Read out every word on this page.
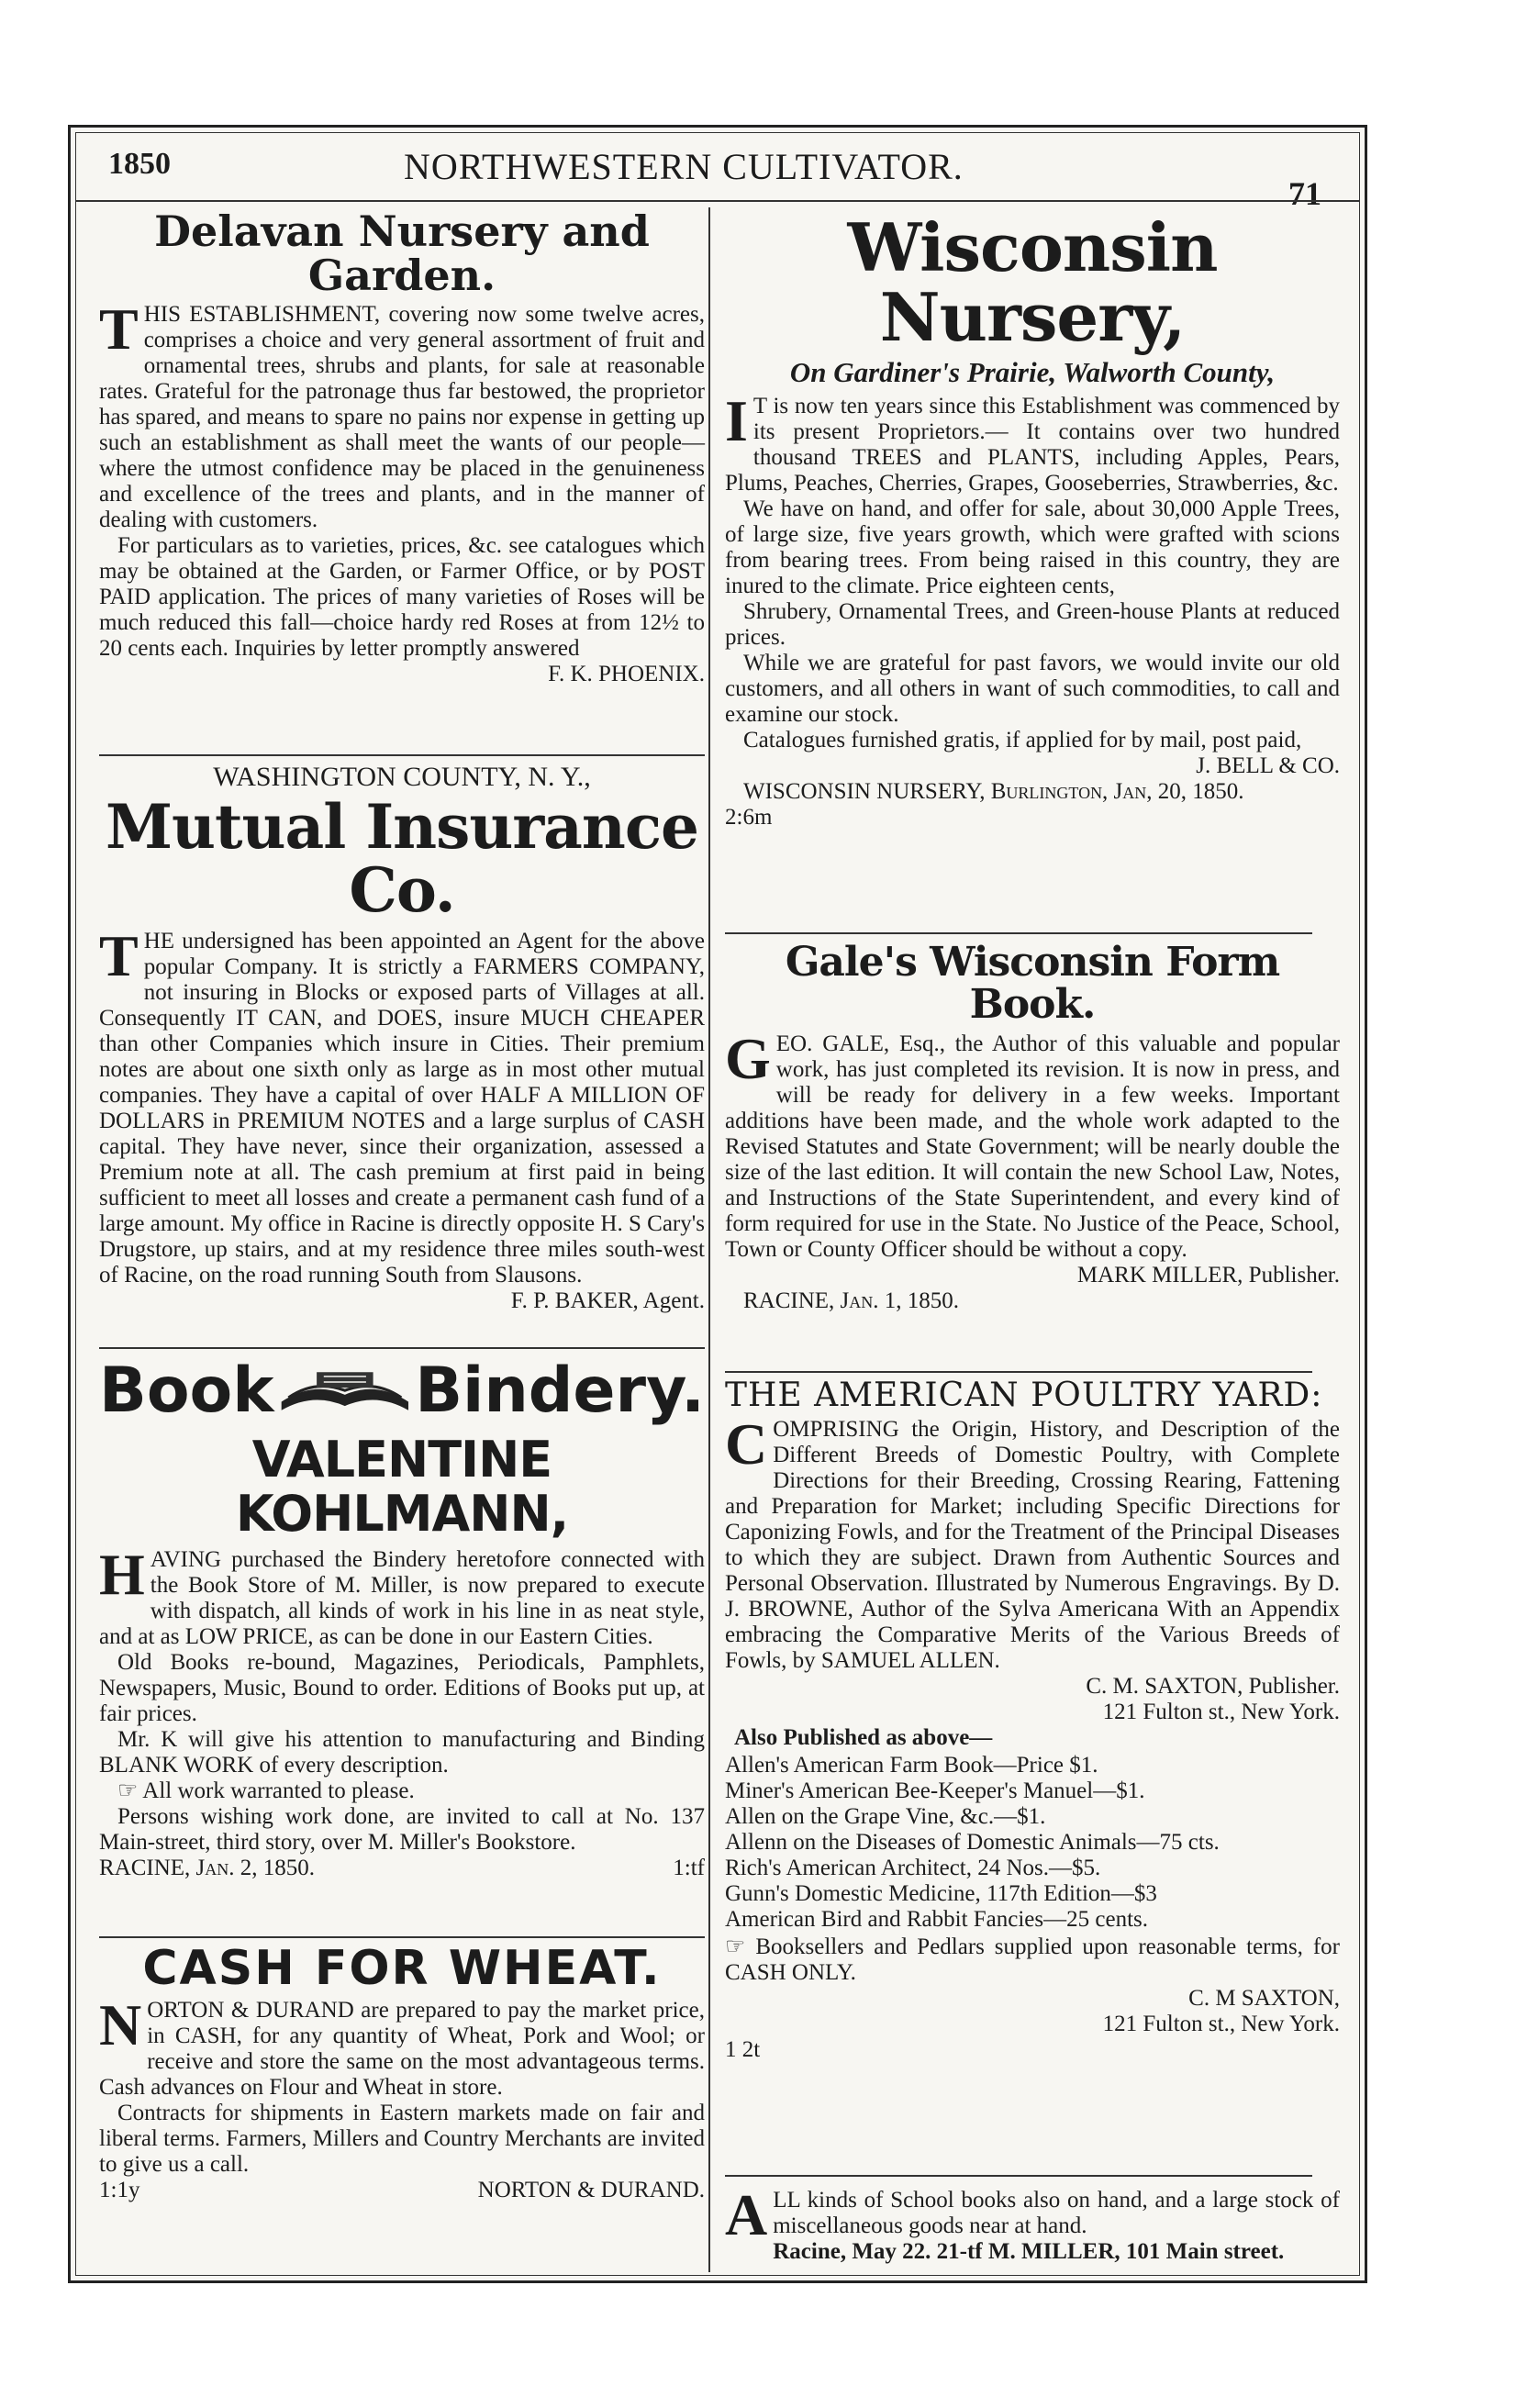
1850	NORTHWESTERN CULTIVATOR.
71
Delavan Nursery and Garden.

THIS ESTABLISHMENT, covering now some twelve acres, comprises a choice and very general assortment of fruit and ornamental trees, shrubs and plants, for sale at reasonable rates. Grateful for the patronage thus far bestowed, the proprietor has spared, and means to spare no pains nor expense in getting up such an establishment as shall meet the wants of our people—where the utmost confidence may be placed in the genuineness and excellence of the trees and plants, and in the manner of dealing with customers.

For particulars as to varieties, prices, &c. see catalogues which may be obtained at the Garden, or Farmer Office, or by POST PAID application. The prices of many varieties of Roses will be much reduced this fall—choice hardy red Roses at from 12½ to 20 cents each. Inquiries by letter promptly answered

F. K. PHOENIX.
WASHINGTON COUNTY, N. Y.,
Mutual Insurance Co.

THE undersigned has been appointed an Agent for the above popular Company. It is strictly a FARMERS COMPANY, not insuring in Blocks or exposed parts of Villages at all. Consequently IT CAN, and DOES, insure MUCH CHEAPER than other Companies which insure in Cities. Their premium notes are about one sixth only as large as in most other mutual companies. They have a capital of over HALF A MILLION OF DOLLARS in PREMIUM NOTES and a large surplus of CASH capital. They have never, since their organization, assessed a Premium note at all. The cash premium at first paid in being sufficient to meet all losses and create a permanent cash fund of a large amount. My office in Racine is directly opposite H. S Cary's Drugstore, up stairs, and at my residence three miles south-west of Racine, on the road running South from Slausons.

F. P. BAKER, Agent.
Book Bindery.
VALENTINE KOHLMANN,

HAVING purchased the Bindery heretofore connected with the Book Store of M. Miller, is now prepared to execute with dispatch, all kinds of work in his line in as neat style, and at as LOW PRICE, as can be done in our Eastern Cities.

Old Books re-bound, Magazines, Periodicals, Pamphlets, Newspapers, Music, Bound to order. Editions of Books put up, at fair prices.

Mr. K will give his attention to manufacturing and Binding BLANK WORK of every description.

☞ All work warranted to please.

Persons wishing work done, are invited to call at No. 137 Main-street, third story, over M. Miller's Bookstore.

RACINE, Jan. 2, 1850.	1:tf
CASH FOR WHEAT.

NORTON & DURAND are prepared to pay the market price, in CASH, for any quantity of Wheat, Pork and Wool; or receive and store the same on the most advantageous terms. Cash advances on Flour and Wheat in store.

Contracts for shipments in Eastern markets made on fair and liberal terms. Farmers, Millers and Country Merchants are invited to give us a call.

1:1y	NORTON & DURAND.
Wisconsin Nursery,
On Gardiner's Prairie, Walworth County,

I T is now ten years since this Establishment was commenced by its present Proprietors.— It contains over two hundred thousand TREES and PLANTS, including Apples, Pears, Plums, Peaches, Cherries, Grapes, Gooseberries, Strawberries, &c.

We have on hand, and offer for sale, about 30,000 Apple Trees, of large size, five years growth, which were grafted with scions from bearing trees. From being raised in this country, they are inured to the climate. Price eighteen cents,

Shrubery, Ornamental Trees, and Green-house Plants at reduced prices.

While we are grateful for past favors, we would invite our old customers, and all others in want of such commodities, to call and examine our stock.

Catalogues furnished gratis, if applied for by mail, post paid,

J. BELL & CO.

WISCONSIN NURSERY, Burlington, Jan, 20, 1850.

2:6m

Gale's Wisconsin Form Book.

GEO. GALE, Esq., the Author of this valuable and popular work, has just completed its revision. It is now in press, and will be ready for delivery in a few weeks. Important additions have been made, and the whole work adapted to the Revised Statutes and State Government; will be nearly double the size of the last edition. It will contain the new School Law, Notes, and Instructions of the State Superintendent, and every kind of form required for use in the State. No Justice of the Peace, School, Town or County Officer should be without a copy.

MARK MILLER, Publisher.

RACINE, Jan. 1, 1850.

THE AMERICAN POULTRY YARD:

COMPRISING the Origin, History, and Description of the Different Breeds of Domestic Poultry, with Complete Directions for their Breeding, Crossing Rearing, Fattening and Preparation for Market; including Specific Directions for Caponizing Fowls, and for the Treatment of the Principal Diseases to which they are subject. Drawn from Authentic Sources and Personal Observation. Illustrated by Numerous Engravings. By D. J. BROWNE, Author of the Sylva Americana With an Appendix embracing the Comparative Merits of the Various Breeds of Fowls, by SAMUEL ALLEN.

C. M. SAXTON, Publisher.
121 Fulton st., New York.

Also Published as above—

Allen's American Farm Book—Price $1.
Miner's American Bee-Keeper's Manuel—$1.
Allen on the Grape Vine, &c.—$1.
Allenn on the Diseases of Domestic Animals—75 cts.
Rich's American Architect, 24 Nos.—$5.
Gunn's Domestic Medicine, 117th Edition—$3
American Bird and Rabbit Fancies—25 cents.

☞ Booksellers and Pedlars supplied upon reasonable terms, for CASH ONLY.

C. M SAXTON,
121 Fulton st., New York.

1 2t

ALL kinds of School books also on hand, and a large stock of miscellaneous goods near at hand.

Racine, May 22. 21-tf M. MILLER, 101 Main street.
